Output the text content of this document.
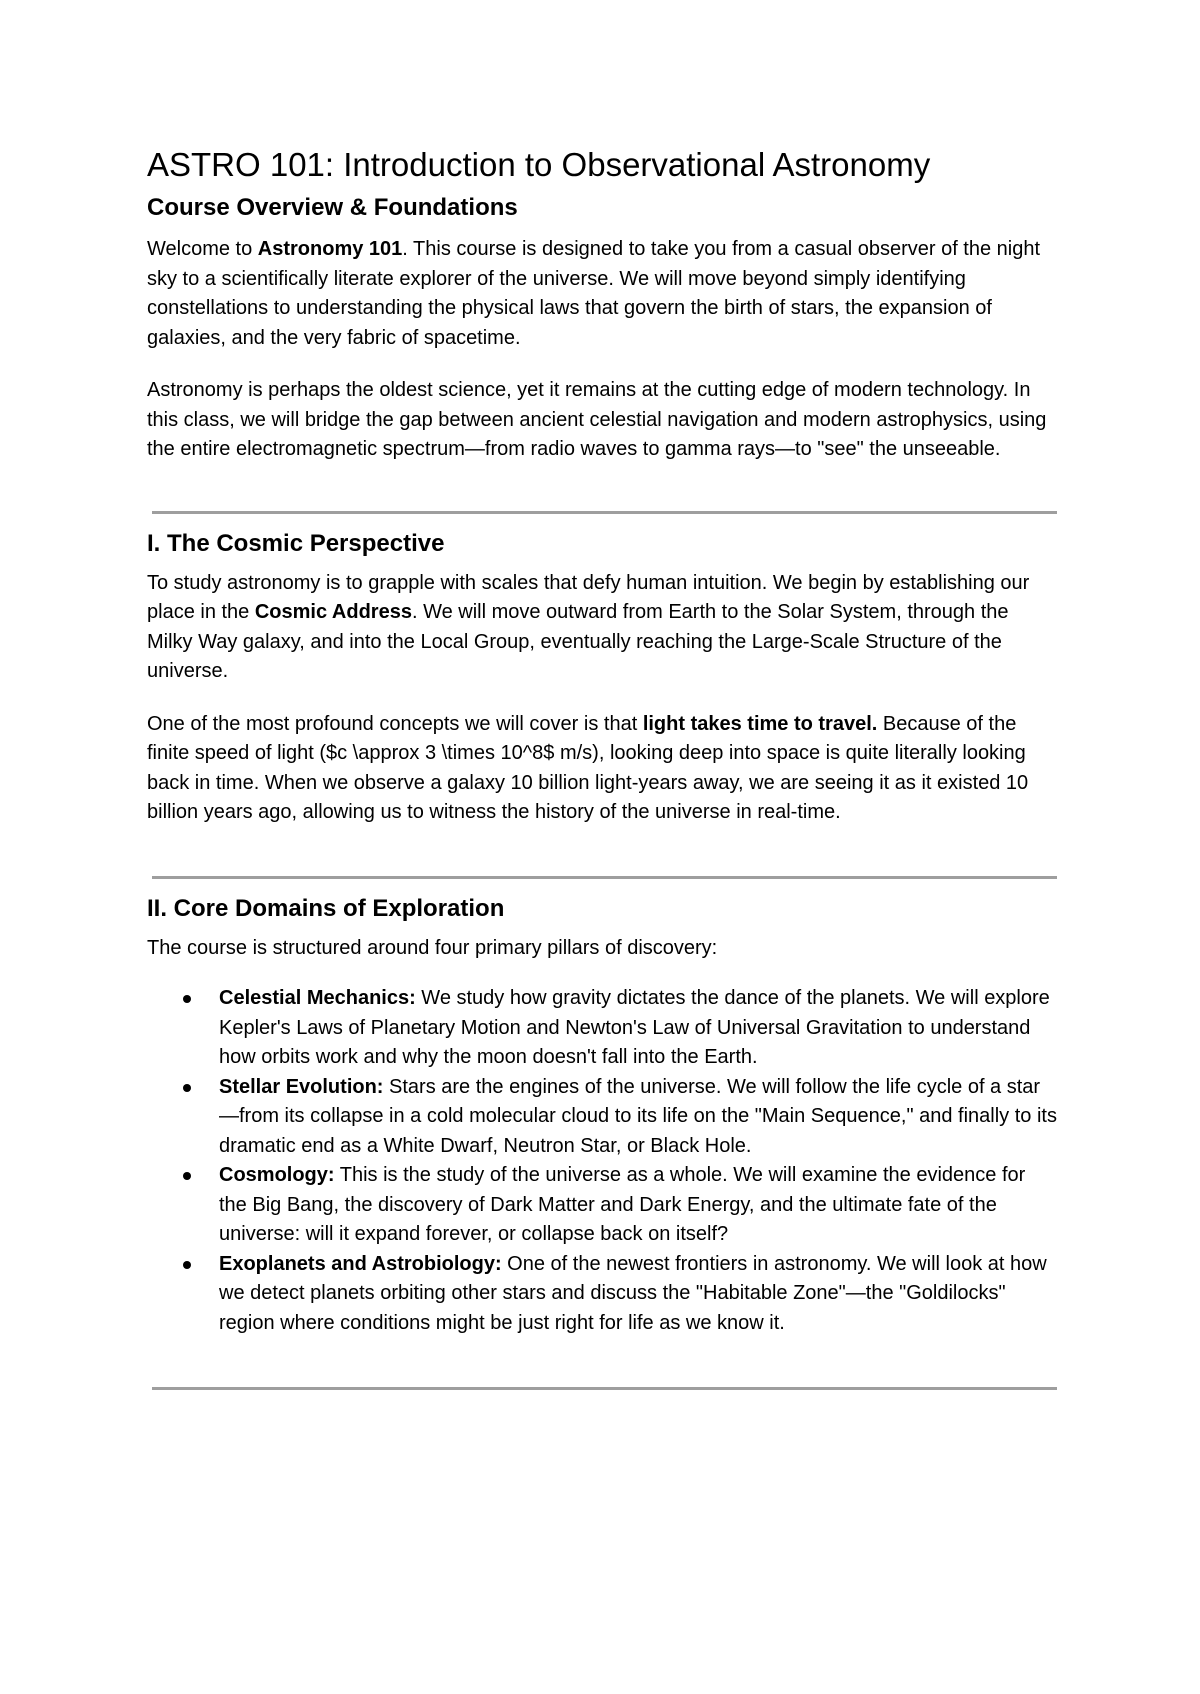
ASTRO 101: Introduction to Observational Astronomy
Course Overview & Foundations

Welcome to Astronomy 101. This course is designed to take you from a casual observer of the night sky to a scientifically literate explorer of the universe. We will move beyond simply identifying constellations to understanding the physical laws that govern the birth of stars, the expansion of galaxies, and the very fabric of spacetime.

Astronomy is perhaps the oldest science, yet it remains at the cutting edge of modern technology. In this class, we will bridge the gap between ancient celestial navigation and modern astrophysics, using the entire electromagnetic spectrum—from radio waves to gamma rays—to "see" the unseeable.

I. The Cosmic Perspective

To study astronomy is to grapple with scales that defy human intuition. We begin by establishing our place in the Cosmic Address. We will move outward from Earth to the Solar System, through the Milky Way galaxy, and into the Local Group, eventually reaching the Large-Scale Structure of the universe.

One of the most profound concepts we will cover is that light takes time to travel. Because of the finite speed of light ($c \approx 3 \times 10^8$ m/s), looking deep into space is quite literally looking back in time. When we observe a galaxy 10 billion light-years away, we are seeing it as it existed 10 billion years ago, allowing us to witness the history of the universe in real-time.

II. Core Domains of Exploration

The course is structured around four primary pillars of discovery:

Celestial Mechanics: We study how gravity dictates the dance of the planets. We will explore Kepler's Laws of Planetary Motion and Newton's Law of Universal Gravitation to understand how orbits work and why the moon doesn't fall into the Earth.
Stellar Evolution: Stars are the engines of the universe. We will follow the life cycle of a star—from its collapse in a cold molecular cloud to its life on the "Main Sequence," and finally to its dramatic end as a White Dwarf, Neutron Star, or Black Hole.
Cosmology: This is the study of the universe as a whole. We will examine the evidence for the Big Bang, the discovery of Dark Matter and Dark Energy, and the ultimate fate of the universe: will it expand forever, or collapse back on itself?
Exoplanets and Astrobiology: One of the newest frontiers in astronomy. We will look at how we detect planets orbiting other stars and discuss the "Habitable Zone"—the "Goldilocks" region where conditions might be just right for life as we know it.
